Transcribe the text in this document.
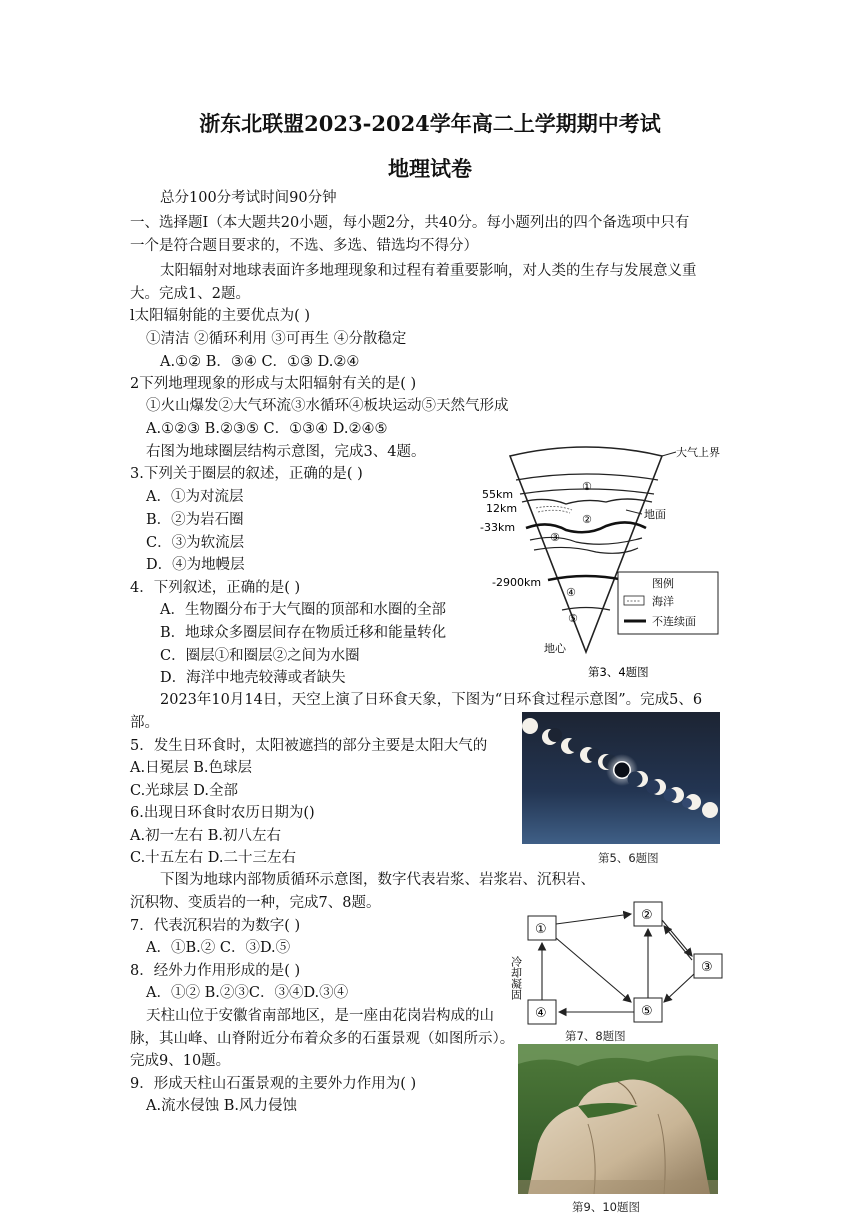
浙东北联盟2023-2024学年高二上学期期中考试
地理试卷
总分100分考试时间90分钟
一、选择题Ⅰ（本大题共20小题，每小题2分，共40分。每小题列出的四个备选项中只有
一个是符合题目要求的，不选、多选、错选均不得分）
太阳辐射对地球表面许多地理现象和过程有着重要影响，对人类的生存与发展意义重
大。完成1、2题。
l太阳辐射能的主要优点为( )
①清洁 ②循环利用 ③可再生 ④分散稳定
A.①② B．③④ C．①③ D.②④
2下列地理现象的形成与太阳辐射有关的是( )
①火山爆发②大气环流③水循环④板块运动⑤天然气形成
A.①②③ B.②③⑤ C．①③④ D.②④⑤
右图为地球圈层结构示意图，完成3、4题。
3.下列关于圈层的叙述，正确的是( )
A．①为对流层
B．②为岩石圈
C．③为软流层
D．④为地幔层
4．下列叙述，正确的是( )
A．生物圈分布于大气圈的顶部和水圈的全部
B．地球众多圈层间存在物质迁移和能量转化
C．圈层①和圈层②之间为水圈
D．海洋中地壳较薄或者缺失
2023年10月14日，天空上演了日环食天象，下图为“日环食过程示意图”。完成5、6
部。
5．发生日环食时，太阳被遮挡的部分主要是太阳大气的
A.日冕层 B.色球层
C.光球层 D.全部
6.出现日环食时农历日期为()
A.初一左右 B.初八左右
C.十五左右 D.二十三左右
下图为地球内部物质循环示意图，数字代表岩浆、岩浆岩、沉积岩、
沉积物、变质岩的一种，完成7、8题。
7．代表沉积岩的为数字( )
A．①B.② C．③D.⑤
8．经外力作用形成的是( )
A．①② B.②③C．③④D.③④
天柱山位于安徽省南部地区，是一座由花岗岩构成的山
脉，其山峰、山脊附近分布着众多的石蛋景观（如图所示）。
完成9、10题。
9．形成天柱山石蛋景观的主要外力作用为( )
A.流水侵蚀 B.风力侵蚀
①
②
③
④
⑤
大气上界
地面
55km
12km
-33km
-2900km
地心
图例
海洋
不连续面
第3、4题图
第5、6题图
①
②
③
④	⑤
冷却凝固
第7、8题图
第9、10题图
